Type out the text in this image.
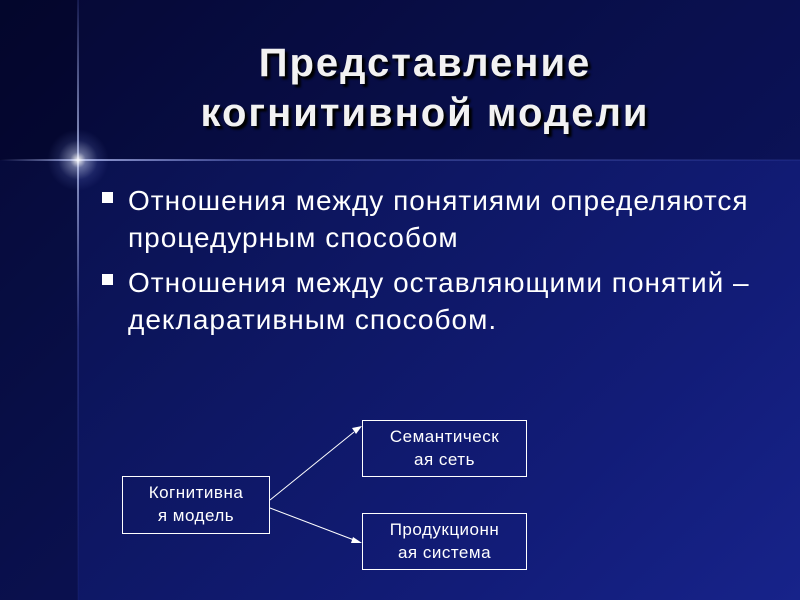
Представление
когнитивной модели
Отношения между понятиями определяются процедурным способом
Отношения между оставляющими понятий – декларативным способом.
Когнитивна
я модель
Семантическ
ая сеть
Продукционн
ая система
